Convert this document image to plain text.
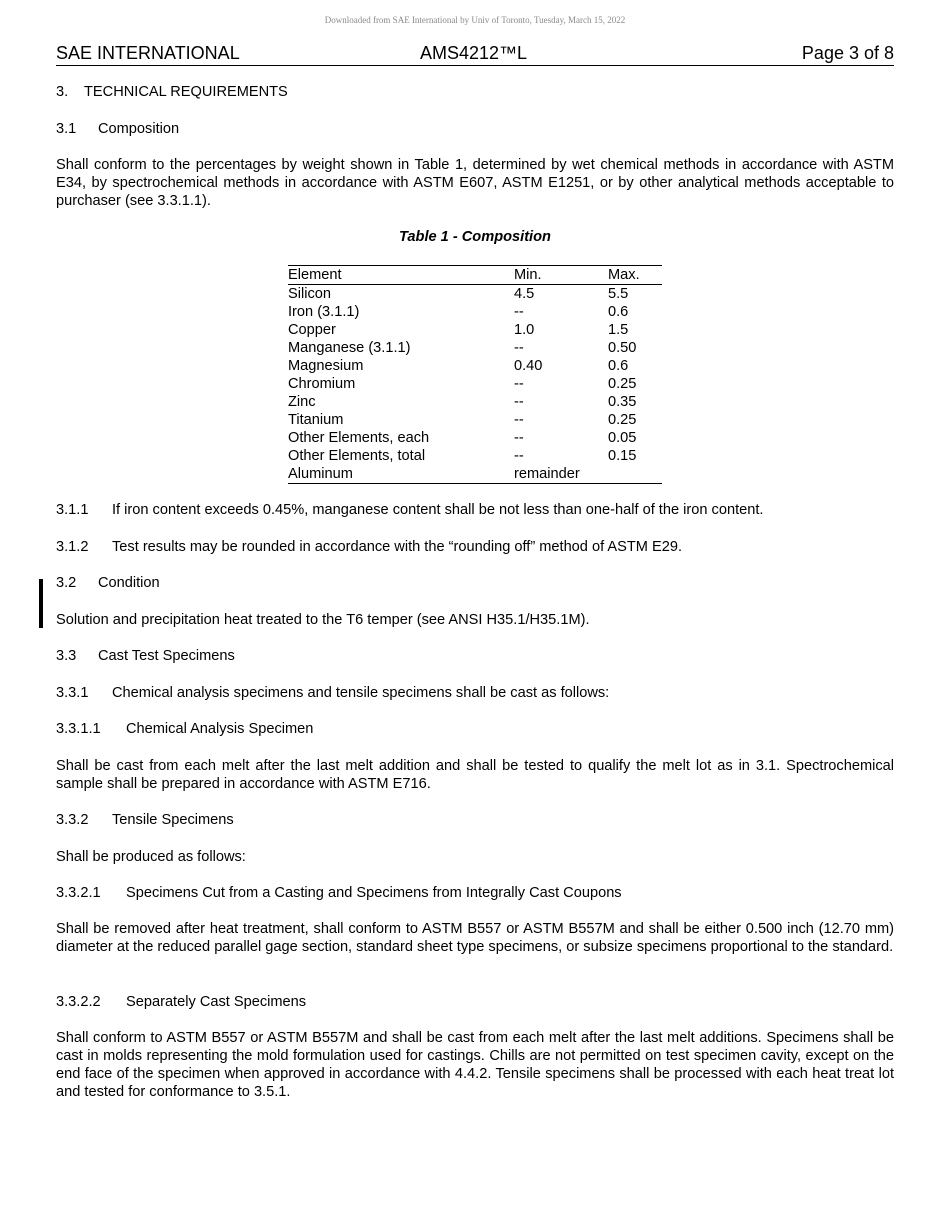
Downloaded from SAE International by Univ of Toronto, Tuesday, March 15, 2022
SAE INTERNATIONAL	AMS4212™L	Page 3 of 8
3. TECHNICAL REQUIREMENTS
3.1 Composition
Shall conform to the percentages by weight shown in Table 1, determined by wet chemical methods in accordance with ASTM E34, by spectrochemical methods in accordance with ASTM E607, ASTM E1251, or by other analytical methods acceptable to purchaser (see 3.3.1.1).
Table 1 - Composition
Element	Min.	Max.
Silicon	4.5	5.5
Iron (3.1.1)	--	0.6
Copper	1.0	1.5
Manganese (3.1.1)	--	0.50
Magnesium	0.40	0.6
Chromium	--	0.25
Zinc	--	0.35
Titanium	--	0.25
Other Elements, each	--	0.05
Other Elements, total	--	0.15
Aluminum	remainder
3.1.1 If iron content exceeds 0.45%, manganese content shall be not less than one-half of the iron content.
3.1.2 Test results may be rounded in accordance with the “rounding off” method of ASTM E29.
3.2 Condition
Solution and precipitation heat treated to the T6 temper (see ANSI H35.1/H35.1M).
3.3 Cast Test Specimens
3.3.1 Chemical analysis specimens and tensile specimens shall be cast as follows:
3.3.1.1 Chemical Analysis Specimen
Shall be cast from each melt after the last melt addition and shall be tested to qualify the melt lot as in 3.1. Spectrochemical sample shall be prepared in accordance with ASTM E716.
3.3.2 Tensile Specimens
Shall be produced as follows:
3.3.2.1 Specimens Cut from a Casting and Specimens from Integrally Cast Coupons
Shall be removed after heat treatment, shall conform to ASTM B557 or ASTM B557M and shall be either 0.500 inch (12.70 mm) diameter at the reduced parallel gage section, standard sheet type specimens, or subsize specimens proportional to the standard.
3.3.2.2 Separately Cast Specimens
Shall conform to ASTM B557 or ASTM B557M and shall be cast from each melt after the last melt additions. Specimens shall be cast in molds representing the mold formulation used for castings. Chills are not permitted on test specimen cavity, except on the end face of the specimen when approved in accordance with 4.4.2. Tensile specimens shall be processed with each heat treat lot and tested for conformance to 3.5.1.
